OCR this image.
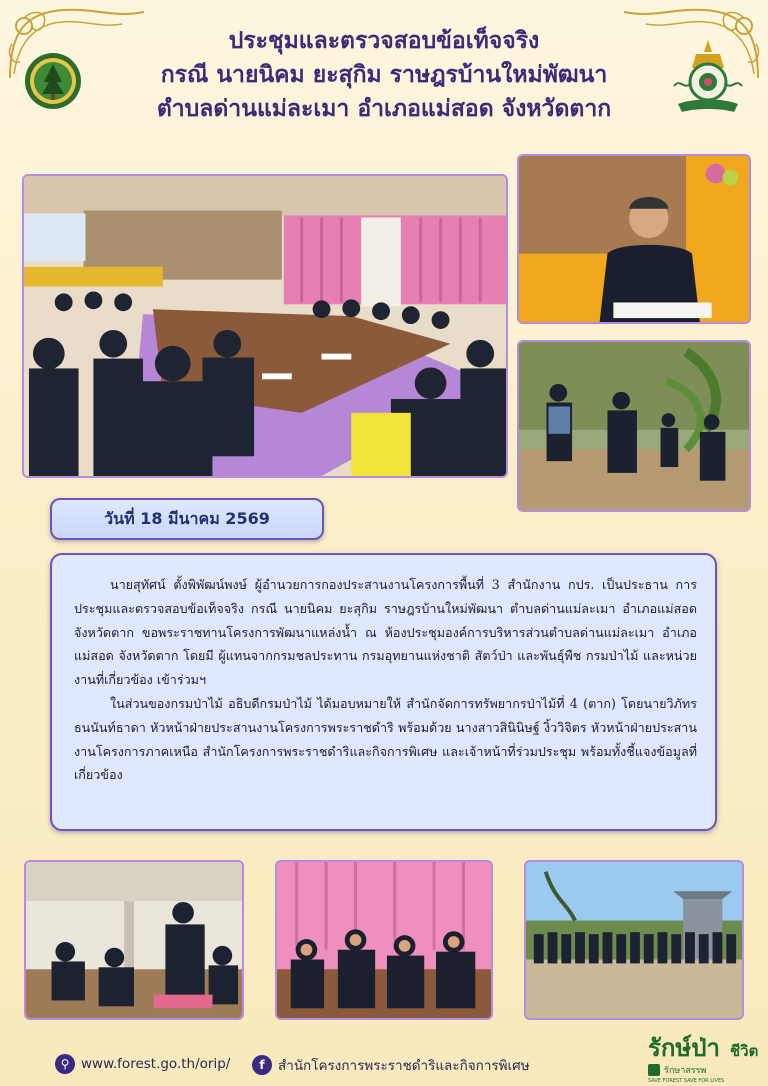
ประชุมและตรวจสอบข้อเท็จจริง
กรณี นายนิคม ยะสุกิม ราษฎรบ้านใหม่พัฒนา
ตำบลด่านแม่ละเมา อำเภอแม่สอด จังหวัดตาก
วันที่ 18 มีนาคม 2569

นายสุทัศน์ ตั้งพิพัฒน์พงษ์ ผู้อำนวยการกองประสานงานโครงการพื้นที่ 3 สำนักงาน กปร. เป็นประธาน การประชุมและตรวจสอบข้อเท็จจริง กรณี นายนิคม ยะสุกิม ราษฎรบ้านใหม่พัฒนา ตำบลด่านแม่ละเมา อำเภอแม่สอด จังหวัดตาก ขอพระราชทานโครงการพัฒนาแหล่งน้ำ ณ ห้องประชุมองค์การบริหารส่วนตำบลด่านแม่ละเมา อำเภอแม่สอด จังหวัดตาก โดยมี ผู้แทนจากกรมชลประทาน กรมอุทยานแห่งชาติ สัตว์ป่า และพันธุ์พืช กรมป่าไม้ และหน่วยงานที่เกี่ยวข้อง เข้าร่วมฯ

ในส่วนของกรมป่าไม้ อธิบดีกรมป่าไม้ ได้มอบหมายให้ สำนักจัดการทรัพยากรป่าไม้ที่ 4 (ตาก) โดยนายวิภัทร ธนนันท์ธาดา หัวหน้าฝ่ายประสานงานโครงการพระราชดำริ พร้อมด้วย นางสาวสินินิษฐ์ งิ้ววิจิตร หัวหน้าฝ่ายประสานงานโครงการภาคเหนือ สำนักโครงการพระราชดำริและกิจการพิเศษ และเจ้าหน้าที่ร่วมประชุม พร้อมทั้งชี้แจงข้อมูลที่เกี่ยวข้อง

⚲ www.forest.go.th/orip/	f สำนักโครงการพระราชดำริและกิจการพิเศษ
รักษ์ป่า ชีวิต
รักษาสรรพ
SAVE FOREST SAVE FOR LIVES
